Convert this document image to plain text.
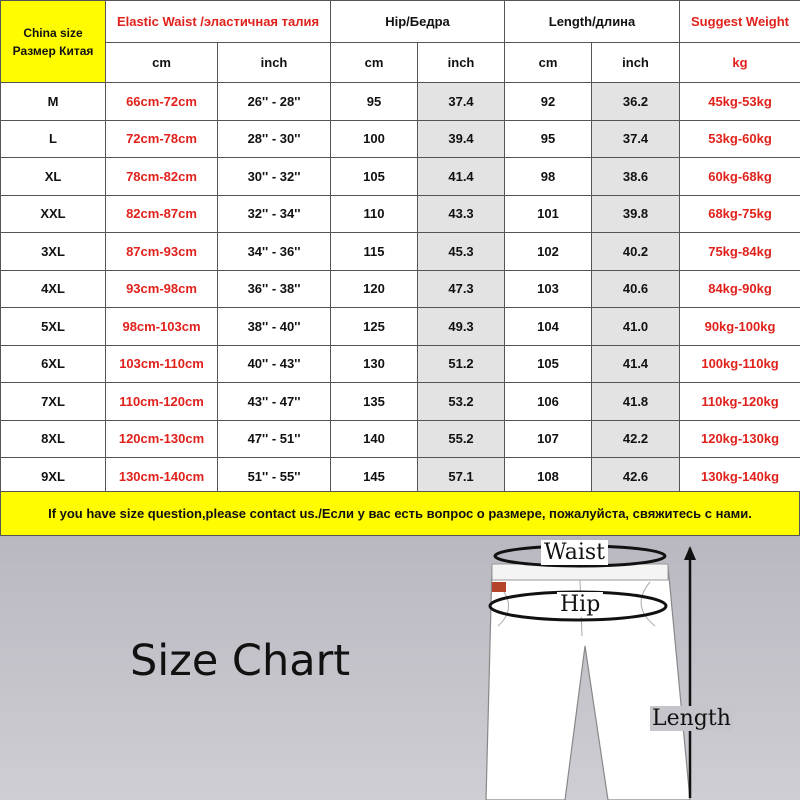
China size
Размер Китая	Elastic Waist /эластичная талия		Hip/Бедра		Length/длина		Suggest Weight
	cm	inch	cm	inch	cm	inch	kg
M	66cm-72cm	26'' - 28''	95	37.4	92	36.2	45kg-53kg
L	72cm-78cm	28'' - 30''	100	39.4	95	37.4	53kg-60kg
XL	78cm-82cm	30'' - 32''	105	41.4	98	38.6	60kg-68kg
XXL	82cm-87cm	32'' - 34''	110	43.3	101	39.8	68kg-75kg
3XL	87cm-93cm	34'' - 36''	115	45.3	102	40.2	75kg-84kg
4XL	93cm-98cm	36'' - 38''	120	47.3	103	40.6	84kg-90kg
5XL	98cm-103cm	38'' - 40''	125	49.3	104	41.0	90kg-100kg
6XL	103cm-110cm	40'' - 43''	130	51.2	105	41.4	100kg-110kg
7XL	110cm-120cm	43'' - 47''	135	53.2	106	41.8	110kg-120kg
8XL	120cm-130cm	47'' - 51''	140	55.2	107	42.2	120kg-130kg
9XL	130cm-140cm	51'' - 55''	145	57.1	108	42.6	130kg-140kg
If you have size question,please contact us./Если у вас есть вопрос о размере, пожалуйста, свяжитесь с нами.
Size Chart
Waist
Hip
Length
